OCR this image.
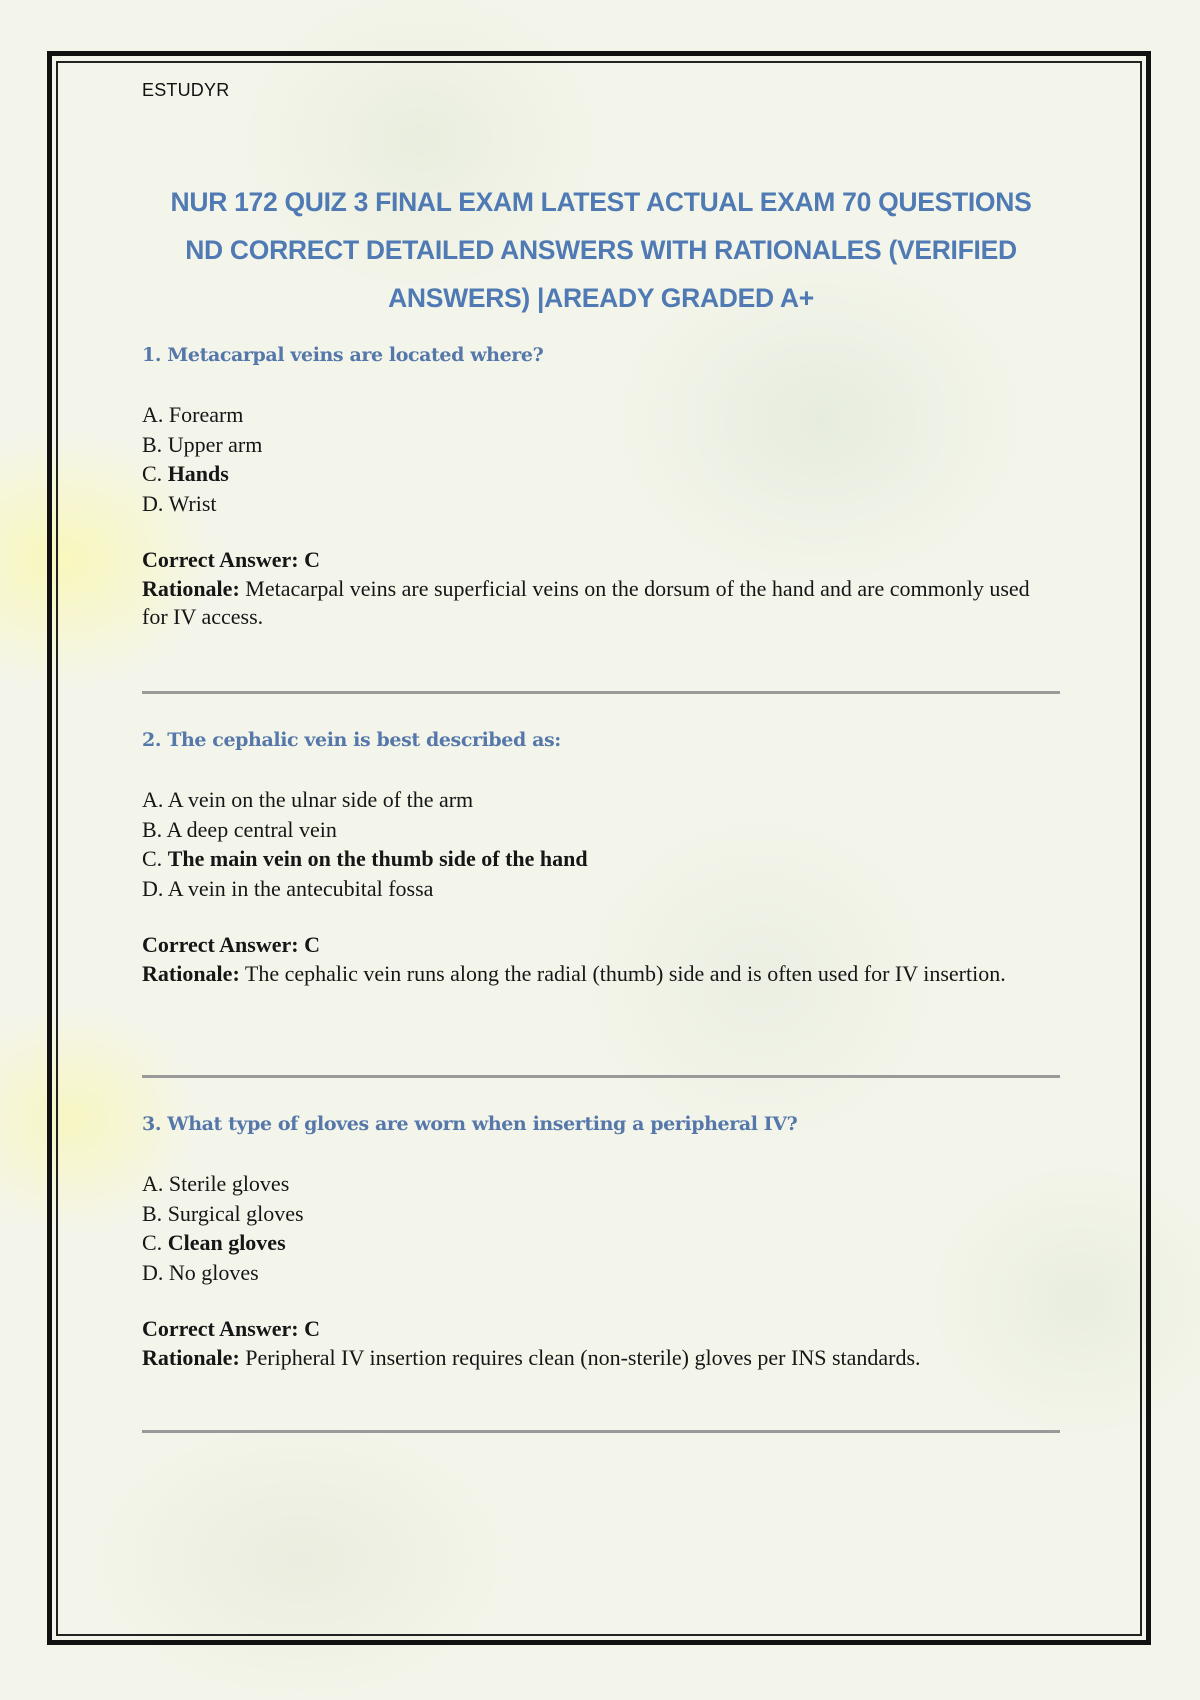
ESTUDYR
NUR 172 QUIZ 3 FINAL EXAM LATEST ACTUAL EXAM 70 QUESTIONS
ND CORRECT DETAILED ANSWERS WITH RATIONALES (VERIFIED
ANSWERS) |AREADY GRADED A+

1. Metacarpal veins are located where?

A. Forearm
B. Upper arm
C. Hands
D. Wrist
Correct Answer: C
Rationale: Metacarpal veins are superficial veins on the dorsum of the hand and are commonly used for IV access.

2. The cephalic vein is best described as:

A. A vein on the ulnar side of the arm
B. A deep central vein
C. The main vein on the thumb side of the hand
D. A vein in the antecubital fossa
Correct Answer: C
Rationale: The cephalic vein runs along the radial (thumb) side and is often used for IV insertion.

3. What type of gloves are worn when inserting a peripheral IV?

A. Sterile gloves
B. Surgical gloves
C. Clean gloves
D. No gloves
Correct Answer: C
Rationale: Peripheral IV insertion requires clean (non-sterile) gloves per INS standards.
